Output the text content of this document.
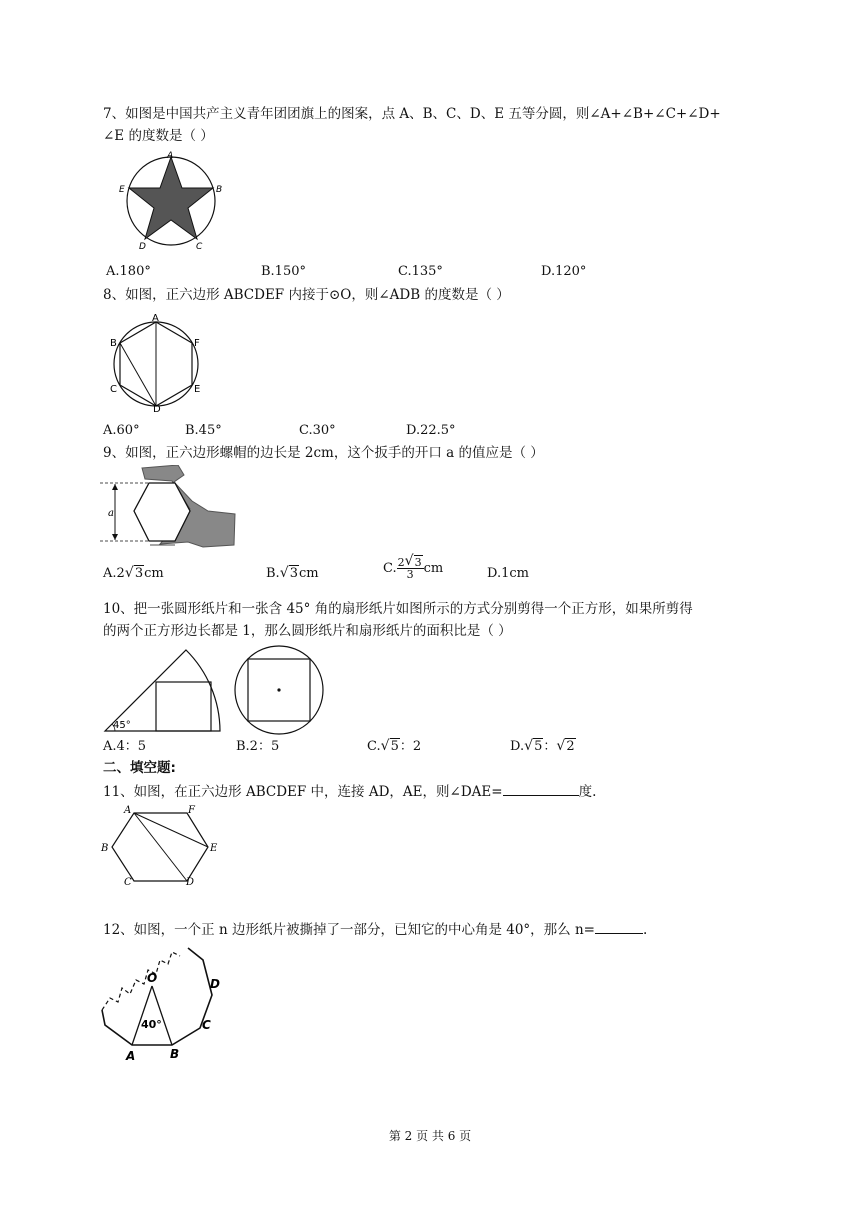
7、如图是中国共产主义青年团团旗上的图案，点 A、B、C、D、E 五等分圆，则∠A+∠B+∠C+∠D+
∠E 的度数是（ ）
A
B
C
D
E
A.180°	B.150°	C.135°	D.120°
8、如图，正六边形 ABCDEF 内接于⊙O，则∠ADB 的度数是（ ）
A
B
C
D
E
F
A.60°	B.45°	C.30°	D.22.5°
9、如图，正六边形螺帽的边长是 2cm，这个扳手的开口 a 的值应是（ ）
a
A.2 √ 3cm	B. √ 3cm	C. $\frac{2 √ 3}{3}$ cm	D.1cm
10、把一张圆形纸片和一张含 45° 角的扇形纸片如图所示的方式分别剪得一个正方形，如果所剪得
的两个正方形边长都是 1，那么圆形纸片和扇形纸片的面积比是（ ）
45°
A.4：5	B.2：5	C. √ 5：2	D. √ 5： √ 2
二、填空题:
11、如图，在正六边形 ABCDEF 中，连接 AD，AE，则∠DAE=	度.
A	F
B	E
C	D
12、如图，一个正 n 边形纸片被撕掉了一部分，已知它的中心角是 40°，那么 n=	.
O
40°
A	B
C
D
第 2 页 共 6 页
